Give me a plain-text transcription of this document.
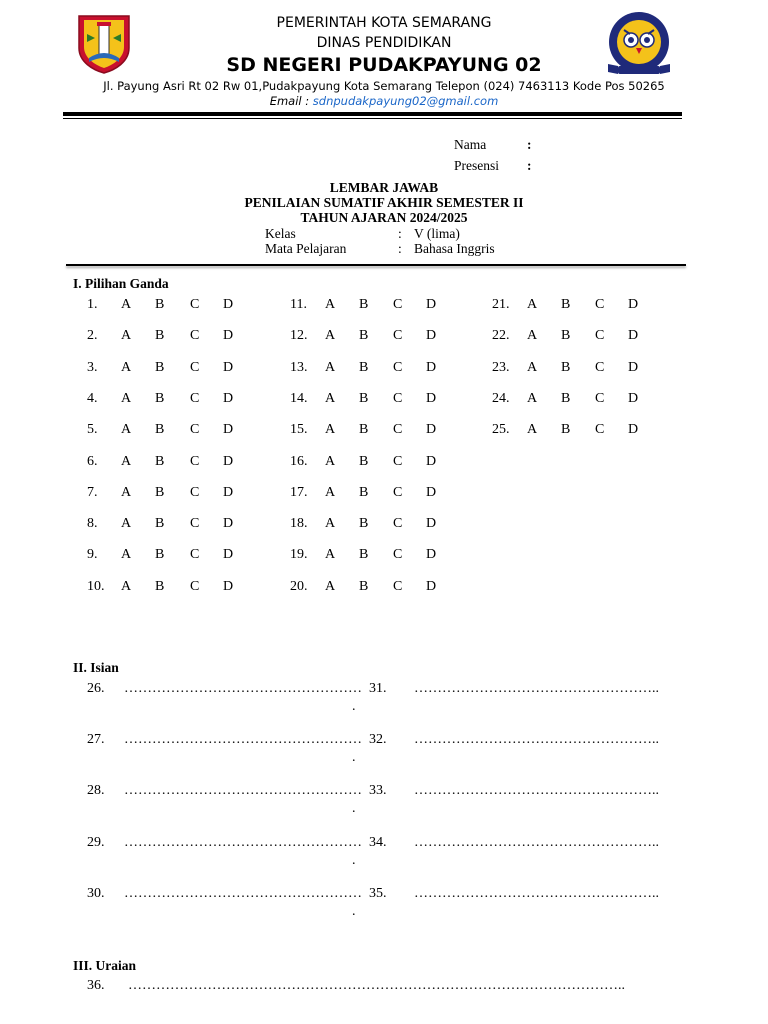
PEMERINTAH KOTA SEMARANG
DINAS PENDIDIKAN
SD NEGERI PUDAKPAYUNG 02
Jl. Payung Asri Rt 02 Rw 01,Pudakpayung Kota Semarang Telepon (024) 7463113 Kode Pos 50265
Email : sdnpudakpayung02@gmail.com
Nama	:
Presensi :
LEMBAR JAWAB
PENILAIAN SUMATIF AKHIR SEMESTER II
TAHUN AJARAN 2024/2025
Kelas	: V (lima)
Mata Pelajaran	: Bahasa Inggris
I. Pilihan Ganda
1. A B C D
2. A B C D
3. A B C D
4. A B C D
5. A B C D
6. A B C D
7. A B C D
8. A B C D
9. A B C D
10. A B C D
11. A B C D
12. A B C D
13. A B C D
14. A B C D
15. A B C D
16. A B C D
17. A B C D
18. A B C D
19. A B C D
20. A B C D
21. A B C D
22. A B C D
23. A B C D
24. A B C D
25. A B C D
II. Isian
26. ……………………………………………
.
31. ……………………………………………..
27. ……………………………………………
.
32. ……………………………………………..
28. ……………………………………………
.
33. ……………………………………………..
29. ……………………………………………
.
34. ……………………………………………..
30. ……………………………………………
.
35. ……………………………………………..
III. Uraian
36. ……………………………………………………………………………………………..
